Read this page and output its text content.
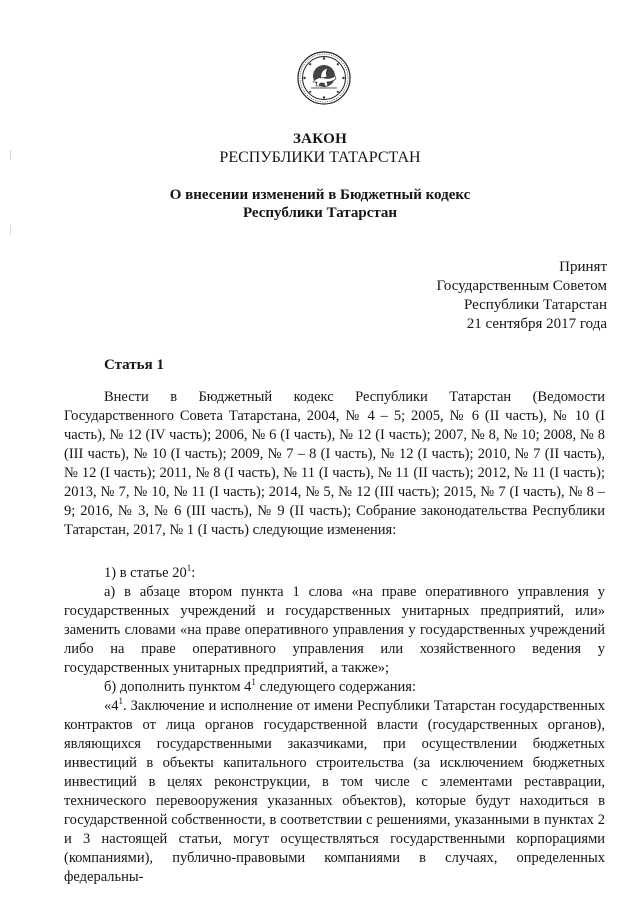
ЗАКОН
РЕСПУБЛИКИ ТАТАРСТАН
О внесении изменений в Бюджетный кодекс
Республики Татарстан
Принят
Государственным Советом
Республики Татарстан
21 сентября 2017 года
Статья 1
Внести в Бюджетный кодекс Республики Татарстан (Ведомости Государственного Совета Татарстана, 2004, № 4 – 5; 2005, № 6 (II часть), № 10 (I часть), № 12 (IV часть); 2006, № 6 (I часть), № 12 (I часть); 2007, № 8, № 10; 2008, № 8 (III часть), № 10 (I часть); 2009, № 7 – 8 (I часть), № 12 (I часть); 2010, № 7 (II часть), № 12 (I часть); 2011, № 8 (I часть), № 11 (I часть), № 11 (II часть); 2012, № 11 (I часть); 2013, № 7, № 10, № 11 (I часть); 2014, № 5, № 12 (III часть); 2015, № 7 (I часть), № 8 – 9; 2016, № 3, № 6 (III часть), № 9 (II часть); Собрание законодательства Республики Татарстан, 2017, № 1 (I часть) следующие изменения:

1) в статье $20^1$:

а) в абзаце втором пункта 1 слова «на праве оперативного управления у государственных учреждений и государственных унитарных предприятий, или» заменить словами «на праве оперативного управления у государственных учреждений либо на праве оперативного управления или хозяйственного ведения у государственных унитарных предприятий, а также»;

б) дополнить пунктом $4^1$ следующего содержания:

«$4^1$. Заключение и исполнение от имени Республики Татарстан государственных контрактов от лица органов государственной власти (государственных органов), являющихся государственными заказчиками, при осуществлении бюджетных инвестиций в объекты капитального строительства (за исключением бюджетных инвестиций в целях реконструкции, в том числе с элементами реставрации, технического перевооружения указанных объектов), которые будут находиться в государственной собственности, в соответствии с решениями, указанными в пунктах 2 и 3 настоящей статьи, могут осуществляться государственными корпорациями (компаниями), публично-правовыми компаниями в случаях, определенных федеральны-
